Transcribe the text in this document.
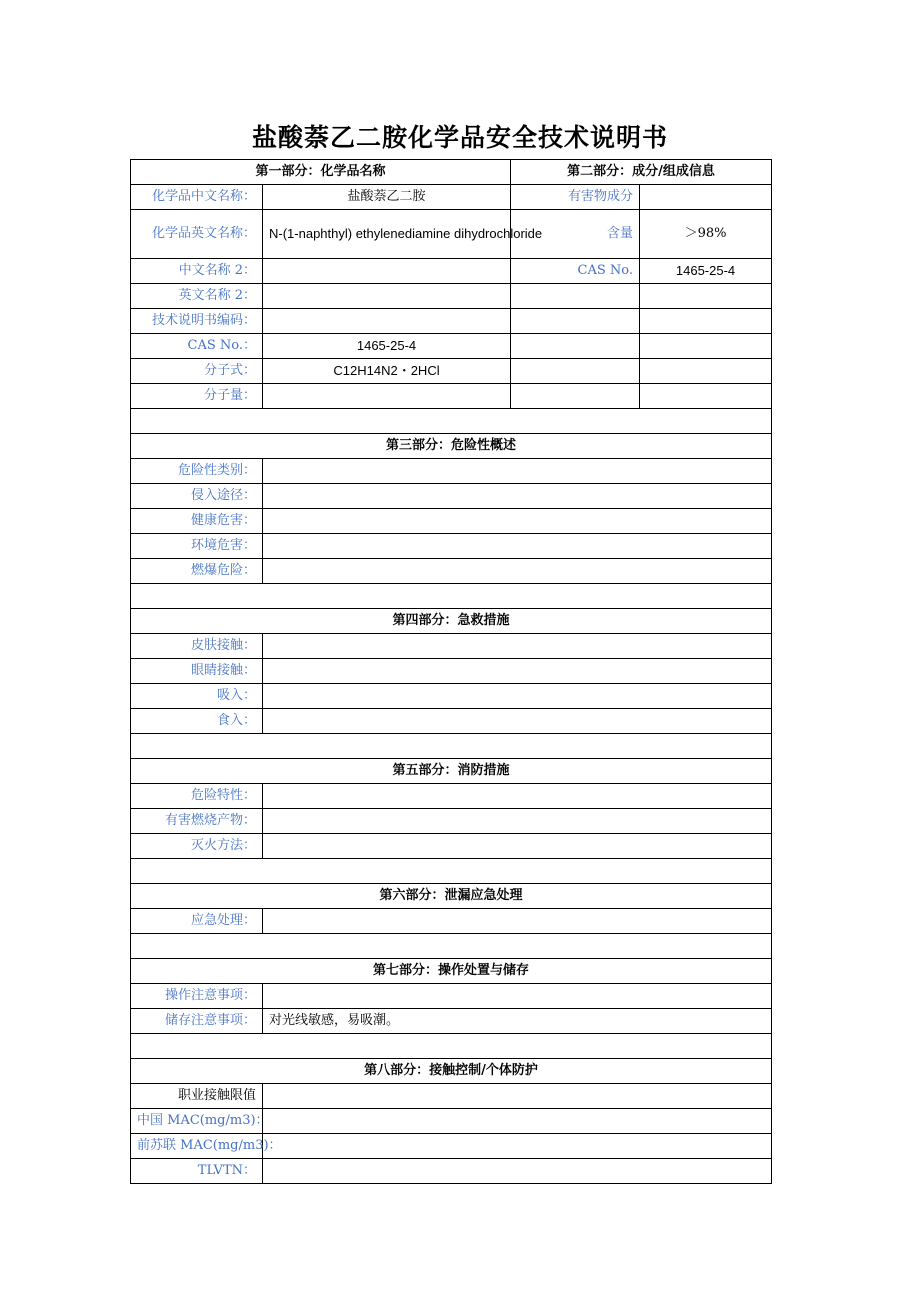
盐酸萘乙二胺化学品安全技术说明书
第一部分：化学品名称		第二部分：成分/组成信息	
化学品中文名称：	盐酸萘乙二胺	有害物成分	
化学品英文名称：	N-(1-naphthyl) ethylenediamine dihydrochloride	含量	＞98%
中文名称 2：		CAS No.	1465-25-4
英文名称 2：			
技术说明书编码：			
CAS No.：	1465-25-4		
分子式：	C12H14N2・2HCl		
分子量：			

第三部分：危险性概述			
危险性类别：			
侵入途径：			
健康危害：			
环境危害：			
燃爆危险：			

第四部分：急救措施			
皮肤接触：			
眼睛接触：			
吸入：			
食入：			

第五部分：消防措施			
危险特性：			
有害燃烧产物：			
灭火方法：			

第六部分：泄漏应急处理			
应急处理：			

第七部分：操作处置与储存			
操作注意事项：			
储存注意事项：	对光线敏感，易吸潮。		

第八部分：接触控制/个体防护			
职业接触限值			
中国 MAC(mg/m3)：			
前苏联 MAC(mg/m3)：			
TLVTN：			
